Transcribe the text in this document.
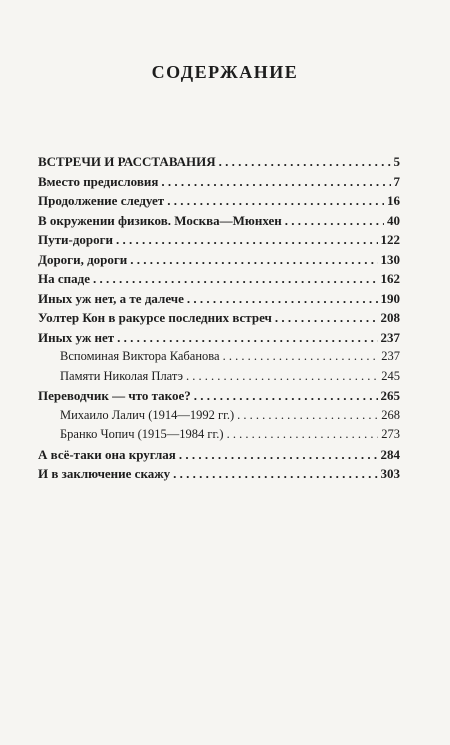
СОДЕРЖАНИЕ
ВСТРЕЧИ И РАССТАВАНИЯ . . .	5
Вместо предисловия . . .	7
Продолжение следует . . .	16
В окружении физиков. Москва—Мюнхен . . .	40
Пути-дороги . . .	122
Дороги, дороги . . .	130
На спаде . . .	162
Иных уж нет, а те далече . . .	190
Уолтер Кон в ракурсе последних встреч . . .	208
Иных уж нет . . .	237
Вспоминая Виктора Кабанова . . .	237
Памяти Николая Платэ . . .	245
Переводчик — что такое? . . .	265
Михаило Лалич (1914—1992 гг.) . . .	268
Бранко Чопич (1915—1984 гг.) . . .	273
А всё-таки она круглая . . .	284
И в заключение скажу . . .	303
